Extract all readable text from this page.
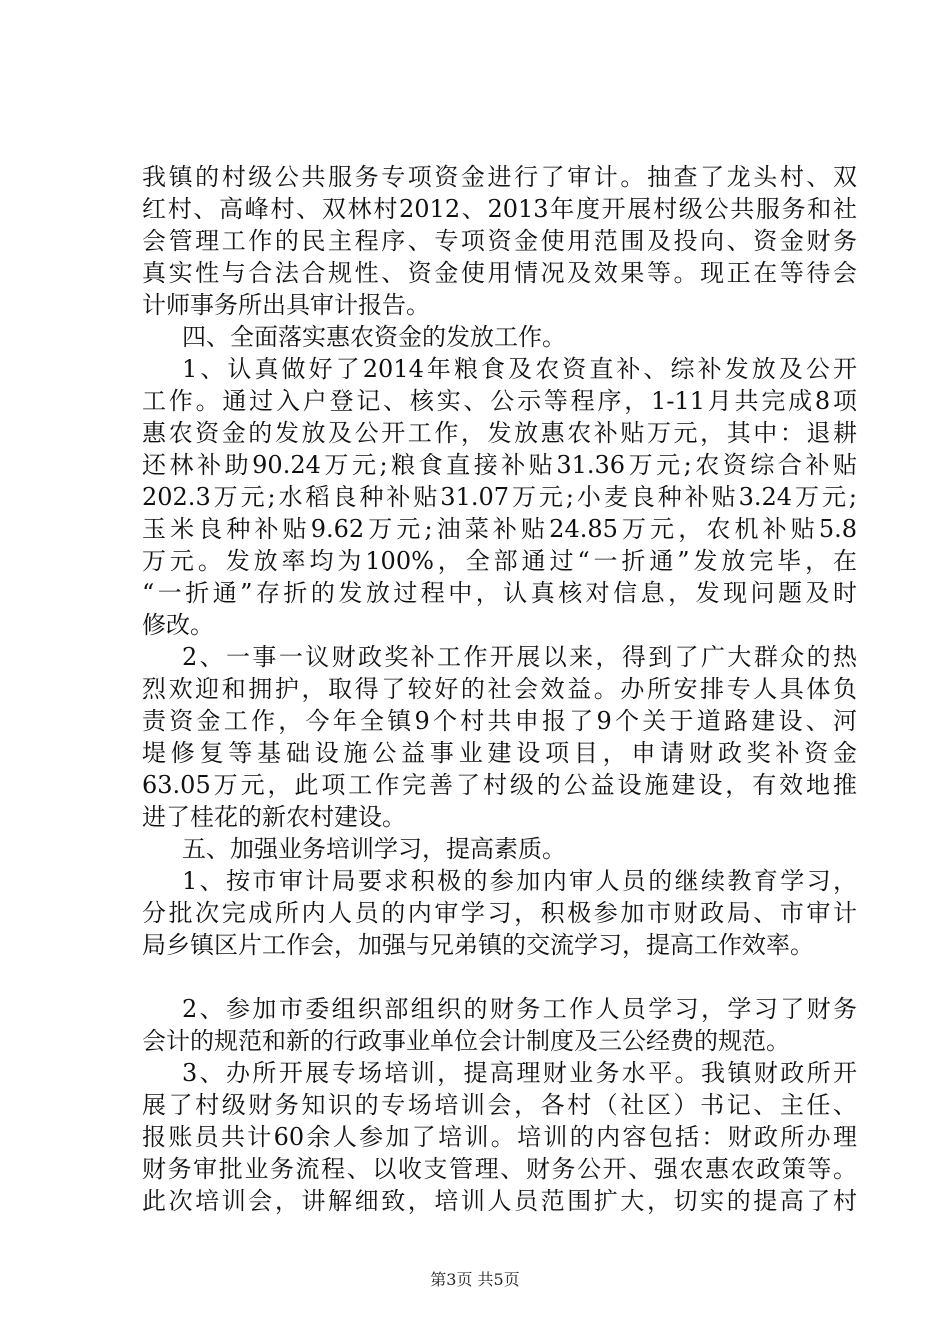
我镇的村级公共服务专项资金进行了审计。抽查了龙头村、双
红村、高峰村、双林村2012、2013年度开展村级公共服务和社
会管理工作的民主程序、专项资金使用范围及投向、资金财务
真实性与合法合规性、资金使用情况及效果等。现正在等待会
计师事务所出具审计报告。
四、全面落实惠农资金的发放工作。
1、认真做好了2014年粮食及农资直补、综补发放及公开
工作。通过入户登记、核实、公示等程序，1-11月共完成8项
惠农资金的发放及公开工作，发放惠农补贴万元，其中：退耕
还林补助90.24万元;粮食直接补贴31.36万元;农资综合补贴
202.3万元;水稻良种补贴31.07万元;小麦良种补贴3.24万元;
玉米良种补贴9.62万元;油菜补贴24.85万元，农机补贴5.8
万元。发放率均为100%，全部通过“一折通”发放完毕，在
“一折通”存折的发放过程中，认真核对信息，发现问题及时
修改。
2、一事一议财政奖补工作开展以来，得到了广大群众的热
烈欢迎和拥护，取得了较好的社会效益。办所安排专人具体负
责资金工作，今年全镇9个村共申报了9个关于道路建设、河
堤修复等基础设施公益事业建设项目，申请财政奖补资金
63.05万元，此项工作完善了村级的公益设施建设，有效地推
进了桂花的新农村建设。
五、加强业务培训学习，提高素质。
1、按市审计局要求积极的参加内审人员的继续教育学习，
分批次完成所内人员的内审学习，积极参加市财政局、市审计
局乡镇区片工作会，加强与兄弟镇的交流学习，提高工作效率。
2、参加市委组织部组织的财务工作人员学习，学习了财务
会计的规范和新的行政事业单位会计制度及三公经费的规范。
3、办所开展专场培训，提高理财业务水平。我镇财政所开
展了村级财务知识的专场培训会，各村（社区）书记、主任、
报账员共计60余人参加了培训。培训的内容包括：财政所办理
财务审批业务流程、以收支管理、财务公开、强农惠农政策等。
此次培训会，讲解细致，培训人员范围扩大，切实的提高了村
第3页 共5页
